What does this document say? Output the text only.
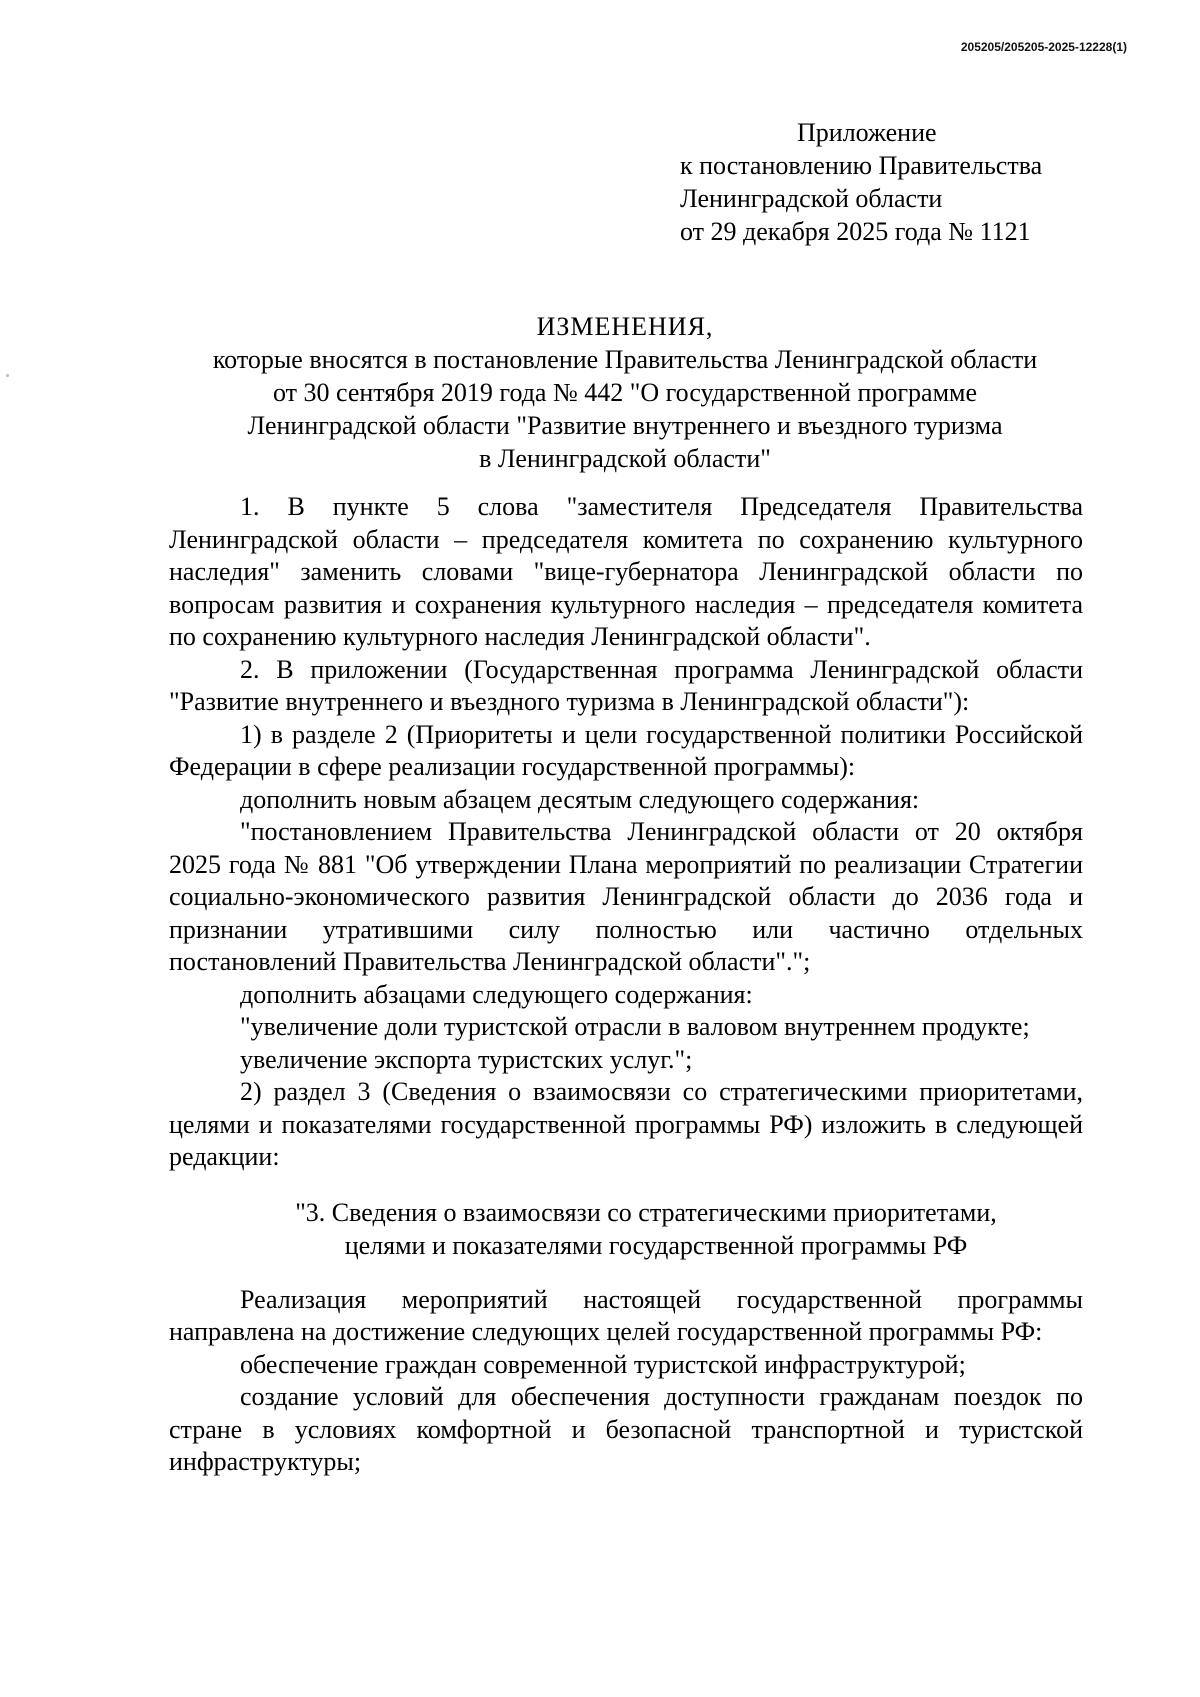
205205/205205-2025-12228(1)
Приложение
к постановлению Правительства
Ленинградской области
от 29 декабря 2025 года № 1121
ИЗМЕНЕНИЯ,
которые вносятся в постановление Правительства Ленинградской области
от 30 сентября 2019 года № 442 "О государственной программе
Ленинградской области "Развитие внутреннего и въездного туризма
в Ленинградской области"

1. В пункте 5 слова "заместителя Председателя Правительства Ленинградской области – председателя комитета по сохранению культурного наследия" заменить словами "вице-губернатора Ленинградской области по вопросам развития и сохранения культурного наследия – председателя комитета по сохранению культурного наследия Ленинградской области".

2. В приложении (Государственная программа Ленинградской области "Развитие внутреннего и въездного туризма в Ленинградской области"):

1) в разделе 2 (Приоритеты и цели государственной политики Российской Федерации в сфере реализации государственной программы):

дополнить новым абзацем десятым следующего содержания:

"постановлением Правительства Ленинградской области от 20 октября 2025 года № 881 "Об утверждении Плана мероприятий по реализации Стратегии социально-экономического развития Ленинградской области до 2036 года и признании утратившими силу полностью или частично отдельных постановлений Правительства Ленинградской области".";

дополнить абзацами следующего содержания:

"увеличение доли туристской отрасли в валовом внутреннем продукте;

увеличение экспорта туристских услуг.";

2) раздел 3 (Сведения о взаимосвязи со стратегическими приоритетами, целями и показателями государственной программы РФ) изложить в следующей редакции:

"3. Сведения о взаимосвязи со стратегическими приоритетами,
целями и показателями государственной программы РФ

Реализация мероприятий настоящей государственной программы направлена на достижение следующих целей государственной программы РФ:

обеспечение граждан современной туристской инфраструктурой;

создание условий для обеспечения доступности гражданам поездок по стране в условиях комфортной и безопасной транспортной и туристской инфраструктуры;
